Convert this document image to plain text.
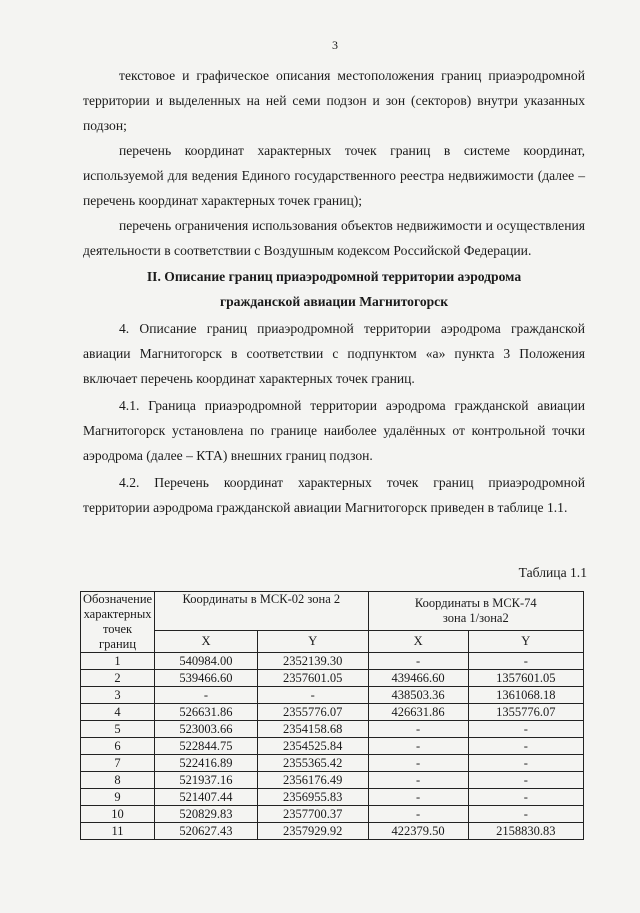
3

текстовое и графическое описания местоположения границ приаэродромной территории и выделенных на ней семи подзон и зон (секторов) внутри указанных подзон;

перечень координат характерных точек границ в системе координат, используемой для ведения Единого государственного реестра недвижимости (далее – перечень координат характерных точек границ);

перечень ограничения использования объектов недвижимости и осуществления деятельности в соответствии с Воздушным кодексом Российской Федерации.

II. Описание границ приаэродромной территории аэродрома

гражданской авиации Магнитогорск

4. Описание границ приаэродромной территории аэродрома гражданской авиации Магнитогорск в соответствии с подпунктом «а» пункта 3 Положения включает перечень координат характерных точек границ.

4.1. Граница приаэродромной территории аэродрома гражданской авиации Магнитогорск установлена по границе наиболее удалённых от контрольной точки аэродрома (далее – КТА) внешних границ подзон.

4.2. Перечень координат характерных точек границ приаэродромной территории аэродрома гражданской авиации Магнитогорск приведен в таблице 1.1.

Таблица 1.1
Обозначение характерных точек границ	Координаты в МСК-02 зона 2		Координаты в МСК-74
зона 1/зона2	
	X	Y	X	Y
1	540984.00	2352139.30	-	-
2	539466.60	2357601.05	439466.60	1357601.05
3	-	-	438503.36	1361068.18
4	526631.86	2355776.07	426631.86	1355776.07
5	523003.66	2354158.68	-	-
6	522844.75	2354525.84	-	-
7	522416.89	2355365.42	-	-
8	521937.16	2356176.49	-	-
9	521407.44	2356955.83	-	-
10	520829.83	2357700.37	-	-
11	520627.43	2357929.92	422379.50	2158830.83
